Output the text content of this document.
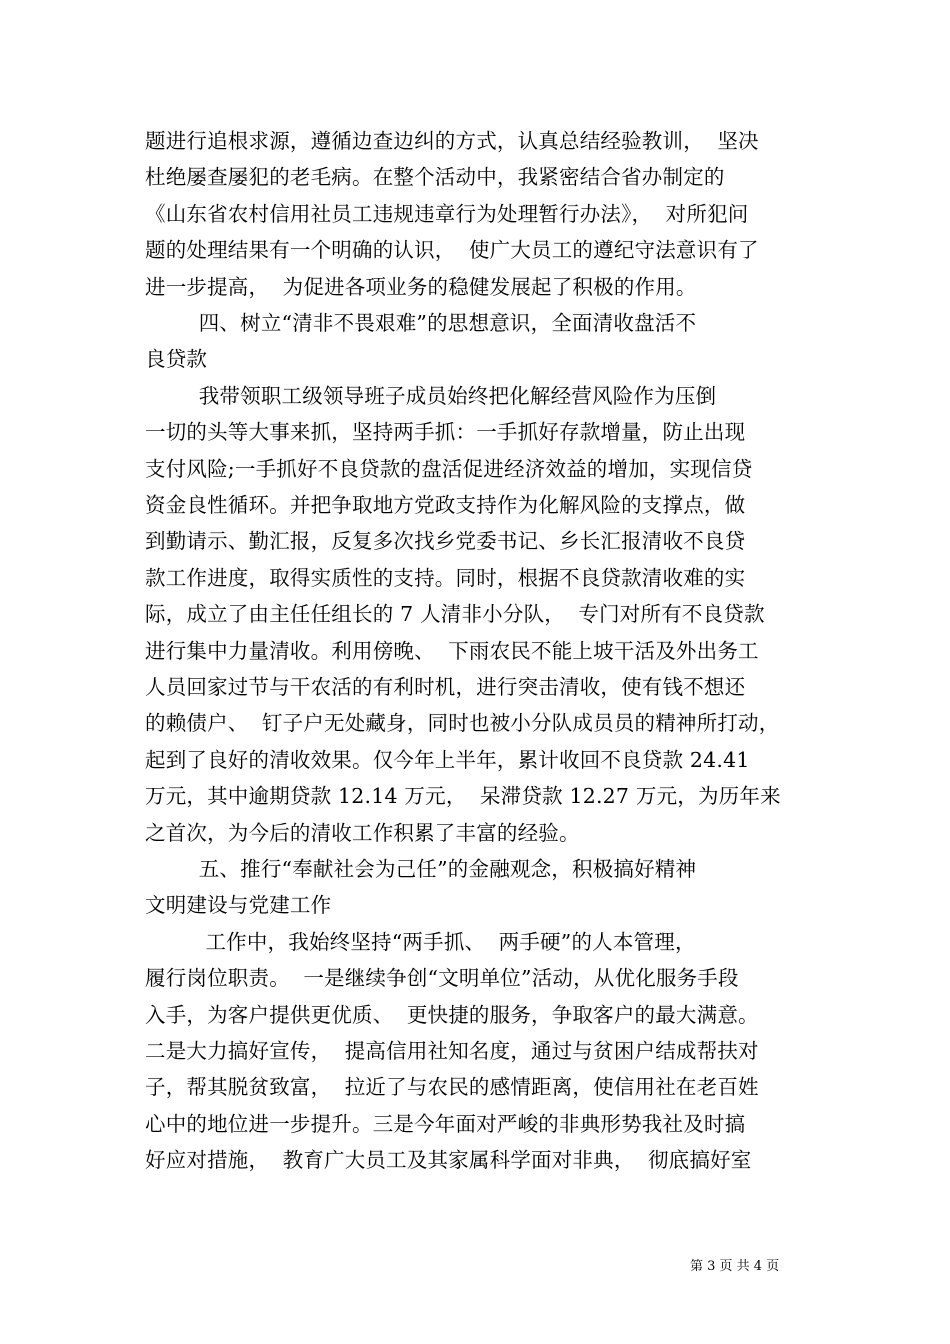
题进行追根求源，遵循边查边纠的方式，认真总结经验教训，  坚决
杜绝屡查屡犯的老毛病。在整个活动中，我紧密结合省办制定的
《山东省农村信用社员工违规违章行为处理暂行办法》，  对所犯问
题的处理结果有一个明确的认识，  使广大员工的遵纪守法意识有了
进一步提高，  为促进各项业务的稳健发展起了积极的作用。
四、树立“清非不畏艰难”的思想意识，全面清收盘活不
良贷款
我带领职工级领导班子成员始终把化解经营风险作为压倒
一切的头等大事来抓，坚持两手抓：一手抓好存款增量，防止出现
支付风险;一手抓好不良贷款的盘活促进经济效益的增加，实现信贷
资金良性循环。并把争取地方党政支持作为化解风险的支撑点，做
到勤请示、勤汇报，反复多次找乡党委书记、乡长汇报清收不良贷
款工作进度，取得实质性的支持。同时，根据不良贷款清收难的实
际，成立了由主任任组长的 7 人清非小分队，  专门对所有不良贷款
进行集中力量清收。利用傍晚、  下雨农民不能上坡干活及外出务工
人员回家过节与干农活的有利时机，进行突击清收，使有钱不想还
的赖债户、  钉子户无处藏身，同时也被小分队成员员的精神所打动，
起到了良好的清收效果。仅今年上半年，累计收回不良贷款 24.41
万元，其中逾期贷款 12.14 万元，  呆滞贷款 12.27 万元，为历年来
之首次，为今后的清收工作积累了丰富的经验。
五、推行“奉献社会为己任”的金融观念，积极搞好精神
文明建设与党建工作
工作中，我始终坚持“两手抓、  两手硬”的人本管理，
履行岗位职责。  一是继续争创“文明单位”活动，从优化服务手段
入手，为客户提供更优质、  更快捷的服务，争取客户的最大满意。
二是大力搞好宣传，  提高信用社知名度，通过与贫困户结成帮扶对
子，帮其脱贫致富，  拉近了与农民的感情距离，使信用社在老百姓
心中的地位进一步提升。三是今年面对严峻的非典形势我社及时搞
好应对措施，  教育广大员工及其家属科学面对非典，  彻底搞好室
第 3 页 共 4 页
